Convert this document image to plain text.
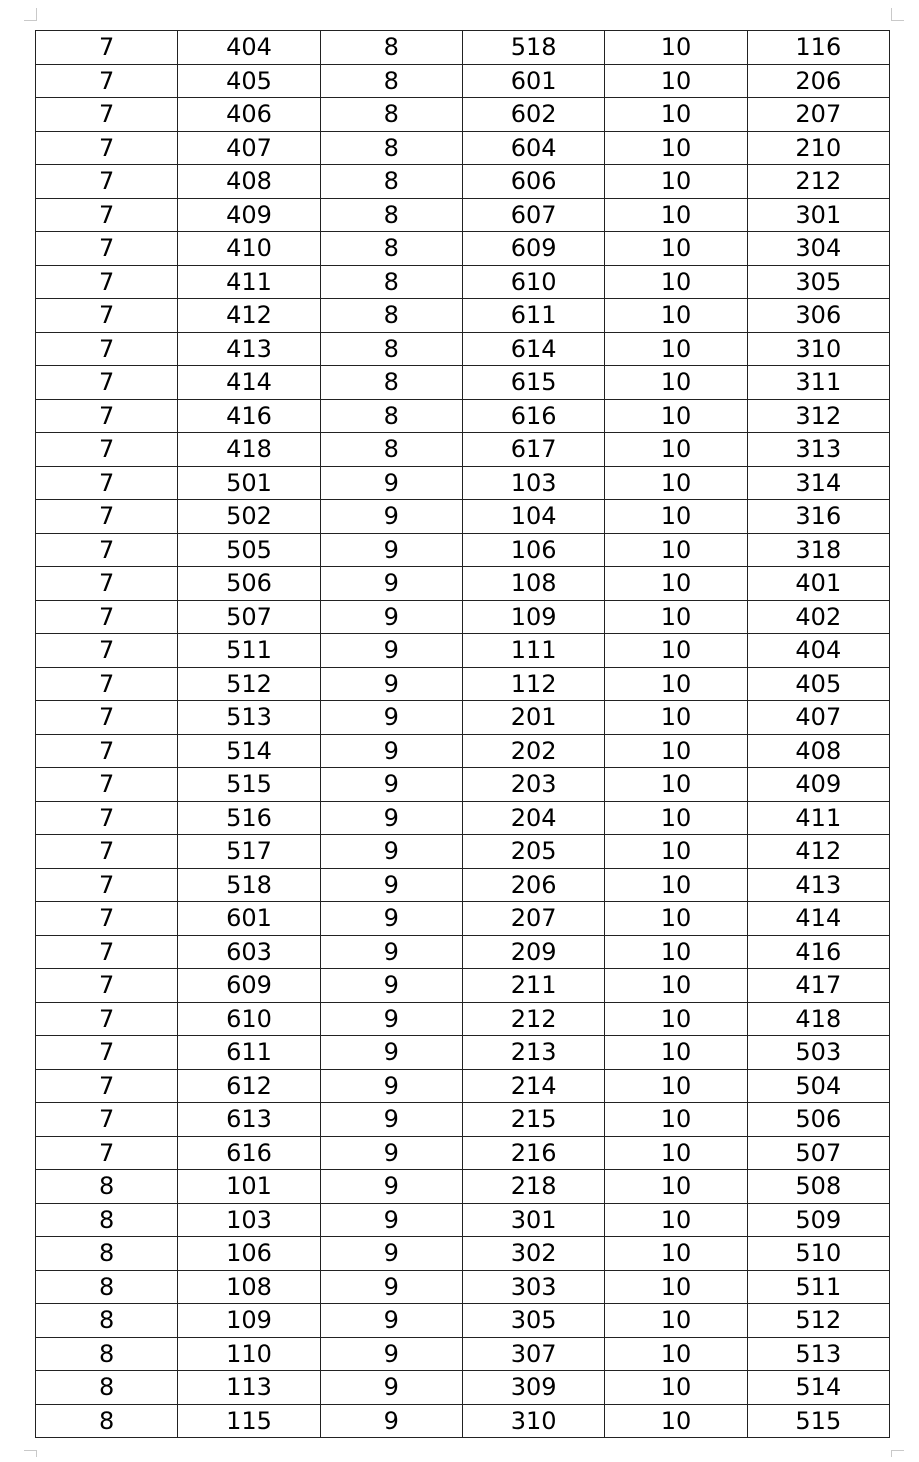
7	404	8	518	10	116
7	405	8	601	10	206
7	406	8	602	10	207
7	407	8	604	10	210
7	408	8	606	10	212
7	409	8	607	10	301
7	410	8	609	10	304
7	411	8	610	10	305
7	412	8	611	10	306
7	413	8	614	10	310
7	414	8	615	10	311
7	416	8	616	10	312
7	418	8	617	10	313
7	501	9	103	10	314
7	502	9	104	10	316
7	505	9	106	10	318
7	506	9	108	10	401
7	507	9	109	10	402
7	511	9	111	10	404
7	512	9	112	10	405
7	513	9	201	10	407
7	514	9	202	10	408
7	515	9	203	10	409
7	516	9	204	10	411
7	517	9	205	10	412
7	518	9	206	10	413
7	601	9	207	10	414
7	603	9	209	10	416
7	609	9	211	10	417
7	610	9	212	10	418
7	611	9	213	10	503
7	612	9	214	10	504
7	613	9	215	10	506
7	616	9	216	10	507
8	101	9	218	10	508
8	103	9	301	10	509
8	106	9	302	10	510
8	108	9	303	10	511
8	109	9	305	10	512
8	110	9	307	10	513
8	113	9	309	10	514
8	115	9	310	10	515
